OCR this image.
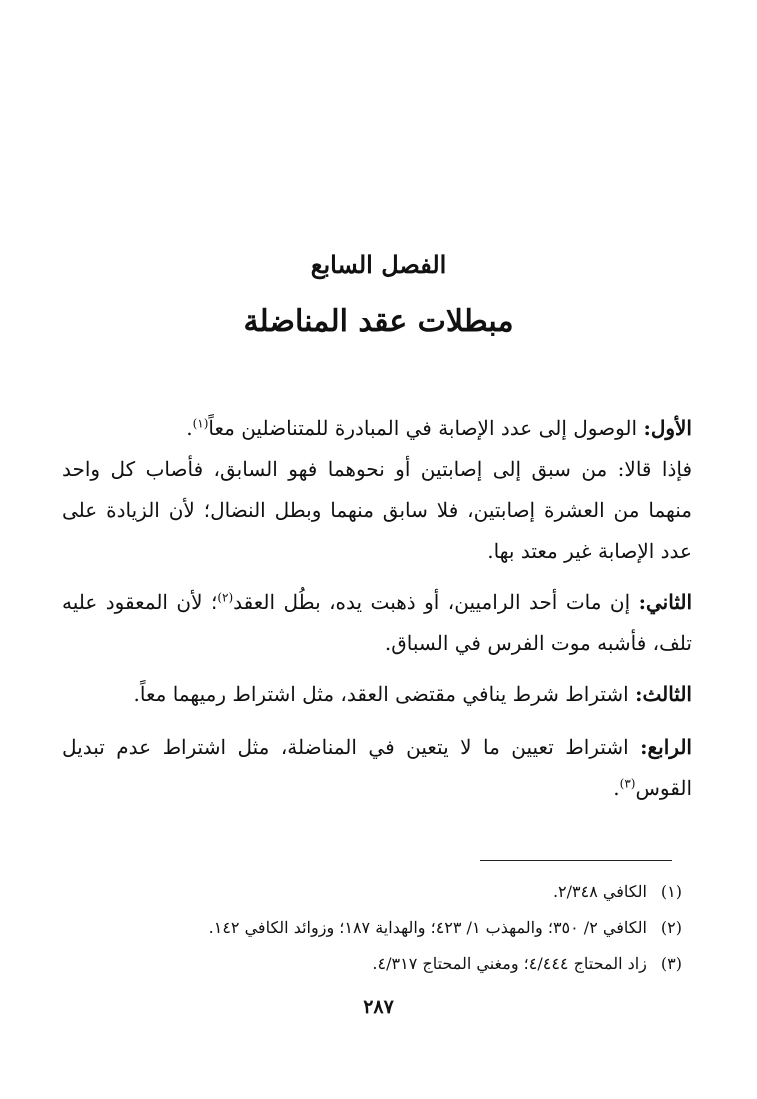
الفصل السابع
مبطلات عقد المناضلة

الأول: الوصول إلى عدد الإصابة في المبادرة للمتناضلين معاً$^{(١)}$.

فإذا قالا: من سبق إلى إصابتين أو نحوهما فهو السابق، فأصاب كل واحد منهما من العشرة إصابتين، فلا سابق منهما وبطل النضال؛ لأن الزيادة على عدد الإصابة غير معتد بها.

الثاني: إن مات أحد الراميين، أو ذهبت يده، بطُل العقد$^{(٢)}$؛ لأن المعقود عليه تلف، فأشبه موت الفرس في السباق.

الثالث: اشتراط شرط ينافي مقتضى العقد، مثل اشتراط رميهما معاً.

الرابع: اشتراط تعيين ما لا يتعين في المناضلة، مثل اشتراط عدم تبديل القوس$^{(٣)}$.

(١) الكافي ٢/٣٤٨.

(٢) الكافي ٢/ ٣٥٠؛ والمهذب ١/ ٤٢٣؛ والهداية ١٨٧؛ وزوائد الكافي ١٤٢.

(٣) زاد المحتاج ٤/٤٤٤؛ ومغني المحتاج ٤/٣١٧.

٢٨٧
